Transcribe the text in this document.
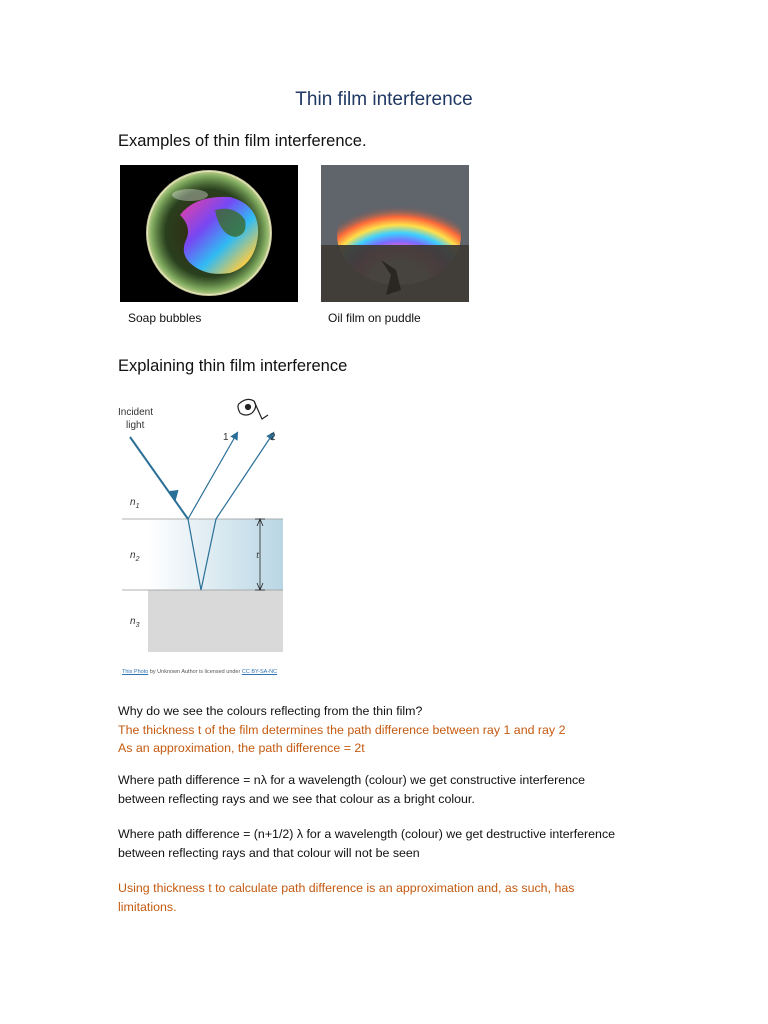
Thin film interference
Examples of thin film interference.
Soap bubbles	Oil film on puddle
Explaining thin film interference
t
Incident
light
1	2
$n_1$
$n_2$
$n_3$
This Photo by Unknown Author is licensed under CC BY-SA-NC
Why do we see the colours reflecting from the thin film?
The thickness t of the film determines the path difference between ray 1 and ray 2
As an approximation, the path difference = 2t
Where path difference = nλ for a wavelength (colour) we get constructive interference
between reflecting rays and we see that colour as a bright colour.
Where path difference = (n+1/2) λ for a wavelength (colour) we get destructive interference
between reflecting rays and that colour will not be seen
Using thickness t to calculate path difference is an approximation and, as such, has
limitations.
